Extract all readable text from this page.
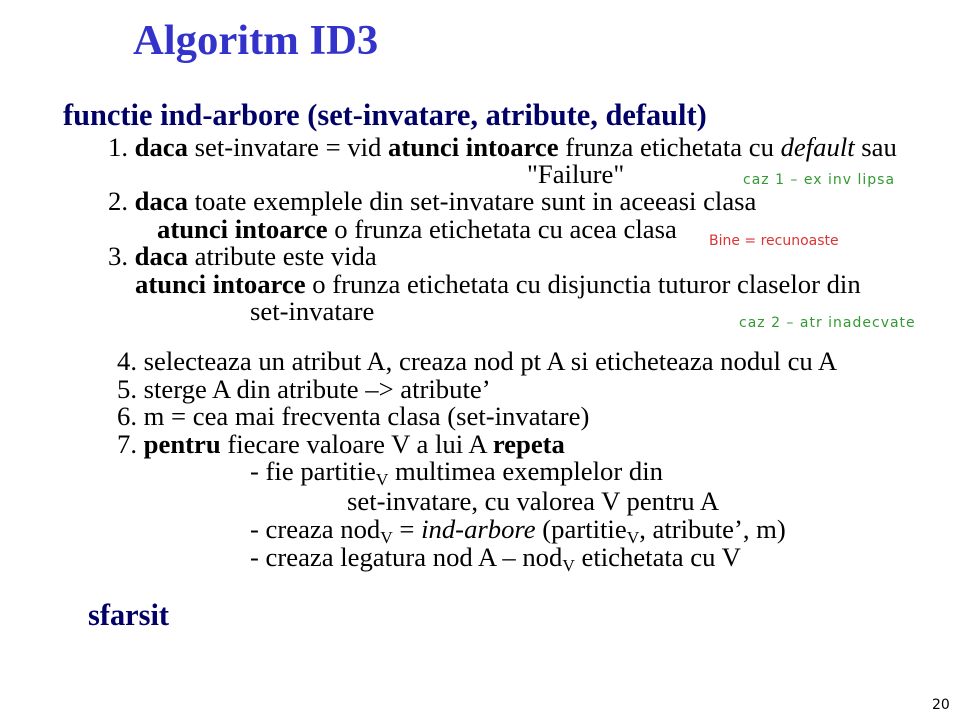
Algoritm ID3
functie ind-arbore (set-invatare, atribute, default)
1. daca set-invatare = vid atunci intoarce frunza etichetata cu default sau
"Failure"
2. daca toate exemplele din set-invatare sunt in aceeasi clasa
atunci intoarce o frunza etichetata cu acea clasa
3. daca atribute este vida
atunci intoarce o frunza etichetata cu disjunctia tuturor claselor din
set-invatare
4. selecteaza un atribut A, creaza nod pt A si eticheteaza nodul cu A
5. sterge A din atribute –> atribute’
6. m = cea mai frecventa clasa (set-invatare)
7. pentru fiecare valoare V a lui A repeta
- fie partitie$_V$ multimea exemplelor din
set-invatare, cu valorea V pentru A
- creaza nod$_V$ = ind-arbore (partitie$_V$, atribute’, m)
- creaza legatura nod A – nod$_V$ etichetata cu V
sfarsit
caz 1 – ex inv lipsa
Bine = recunoaste
caz 2 – atr inadecvate
20
